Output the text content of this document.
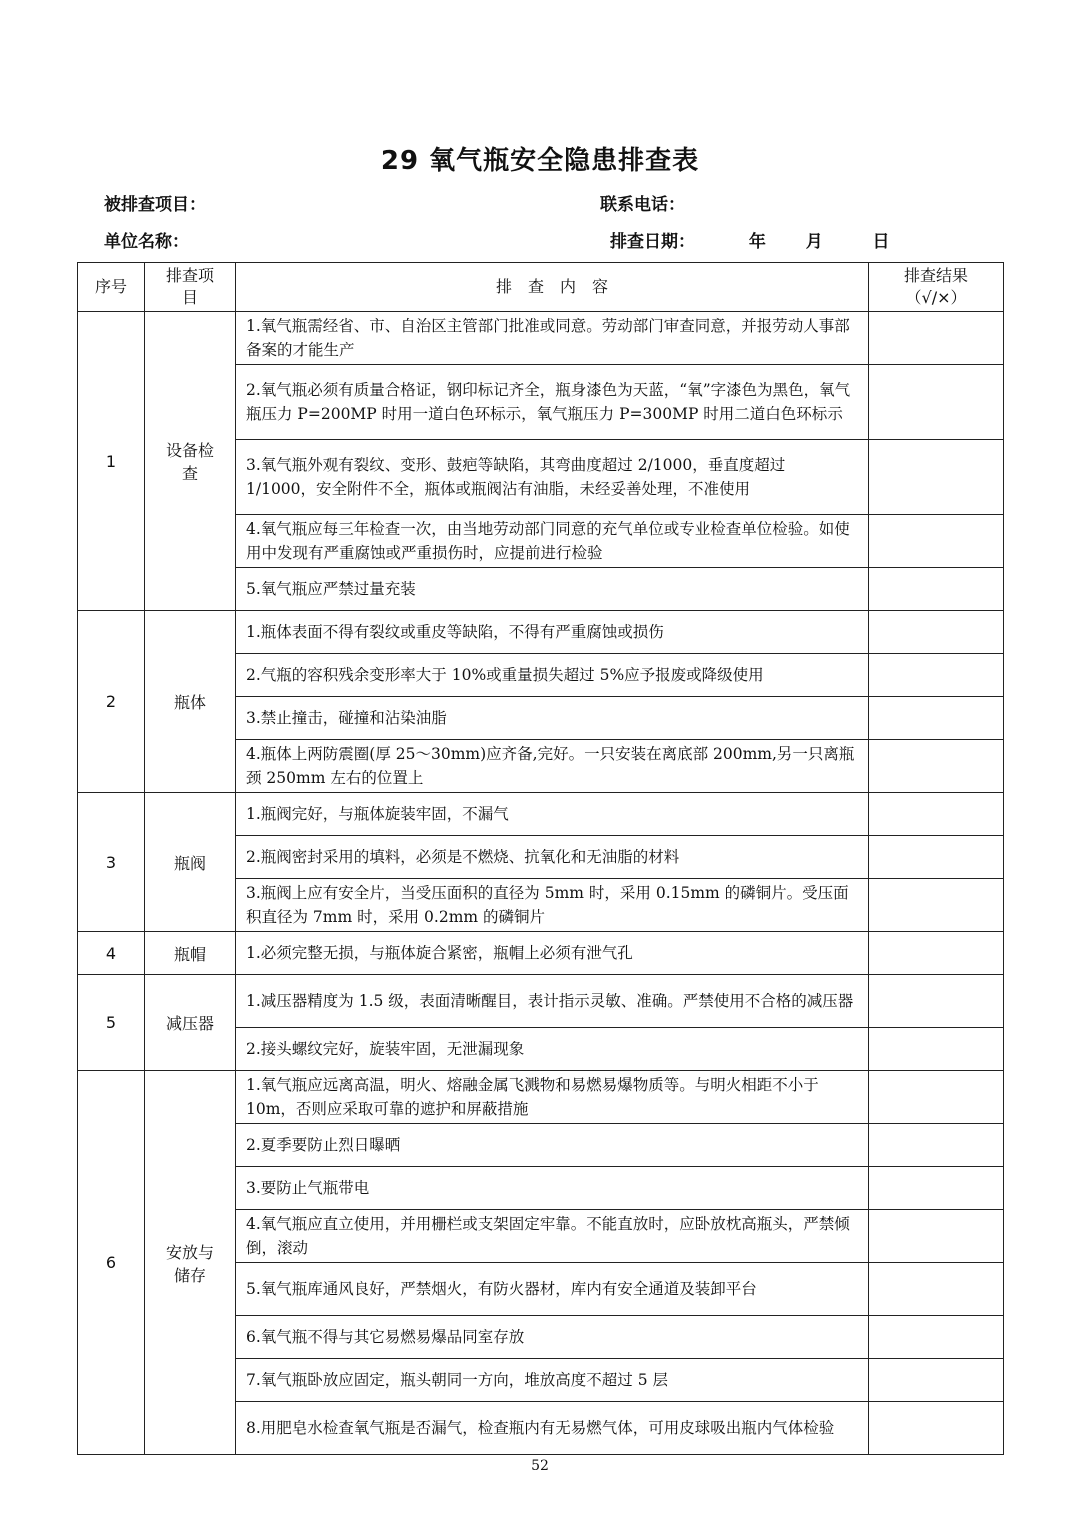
29 氧气瓶安全隐患排查表
被排查项目：	联系电话：
单位名称：	排查日期：	年 月	日
序号	排查项目	排　查　内　容	排查结果
（√/×）

1	设备检查	1.氧气瓶需经省、市、自治区主管部门批准或同意。劳动部门审查同意，并报劳动人事部备案的才能生产	
		2.氧气瓶必须有质量合格证，钢印标记齐全，瓶身漆色为天蓝，“氧”字漆色为黑色，氧气瓶压力 P=200MP 时用一道白色环标示，氧气瓶压力 P=300MP 时用二道白色环标示	
		3.氧气瓶外观有裂纹、变形、鼓疤等缺陷，其弯曲度超过 2/1000，垂直度超过 1/1000，安全附件不全，瓶体或瓶阀沾有油脂，未经妥善处理，不准使用	
		4.氧气瓶应每三年检查一次，由当地劳动部门同意的充气单位或专业检查单位检验。如使用中发现有严重腐蚀或严重损伤时，应提前进行检验	
		5.氧气瓶应严禁过量充装	
2	瓶体	1.瓶体表面不得有裂纹或重皮等缺陷，不得有严重腐蚀或损伤	
		2.气瓶的容积残余变形率大于 10%或重量损失超过 5%应予报废或降级使用	
		3.禁止撞击，碰撞和沾染油脂	
		4.瓶体上两防震圈(厚 25～30mm)应齐备,完好。一只安装在离底部 200mm,另一只离瓶颈 250mm 左右的位置上	
3	瓶阀	1.瓶阀完好，与瓶体旋装牢固，不漏气	
		2.瓶阀密封采用的填料，必须是不燃烧、抗氧化和无油脂的材料	
		3.瓶阀上应有安全片，当受压面积的直径为 5mm 时，采用 0.15mm 的磷铜片。受压面积直径为 7mm 时，采用 0.2mm 的磷铜片	
4	瓶帽	1.必须完整无损，与瓶体旋合紧密，瓶帽上必须有泄气孔	
5	减压器	1.减压器精度为 1.5 级，表面清晰醒目，表计指示灵敏、准确。严禁使用不合格的减压器	
		2.接头螺纹完好，旋装牢固，无泄漏现象	
6	安放与储存	1.氧气瓶应远离高温，明火、熔融金属飞溅物和易燃易爆物质等。与明火相距不小于 10m，否则应采取可靠的遮护和屏蔽措施	
		2.夏季要防止烈日曝晒	
		3.要防止气瓶带电	
		4.氧气瓶应直立使用，并用栅栏或支架固定牢靠。不能直放时，应卧放枕高瓶头，严禁倾倒，滚动	
		5.氧气瓶库通风良好，严禁烟火，有防火器材，库内有安全通道及装卸平台	
		6.氧气瓶不得与其它易燃易爆品同室存放	
		7.氧气瓶卧放应固定，瓶头朝同一方向，堆放高度不超过 5 层	
		8.用肥皂水检查氧气瓶是否漏气，检查瓶内有无易燃气体，可用皮球吸出瓶内气体检验	
52
